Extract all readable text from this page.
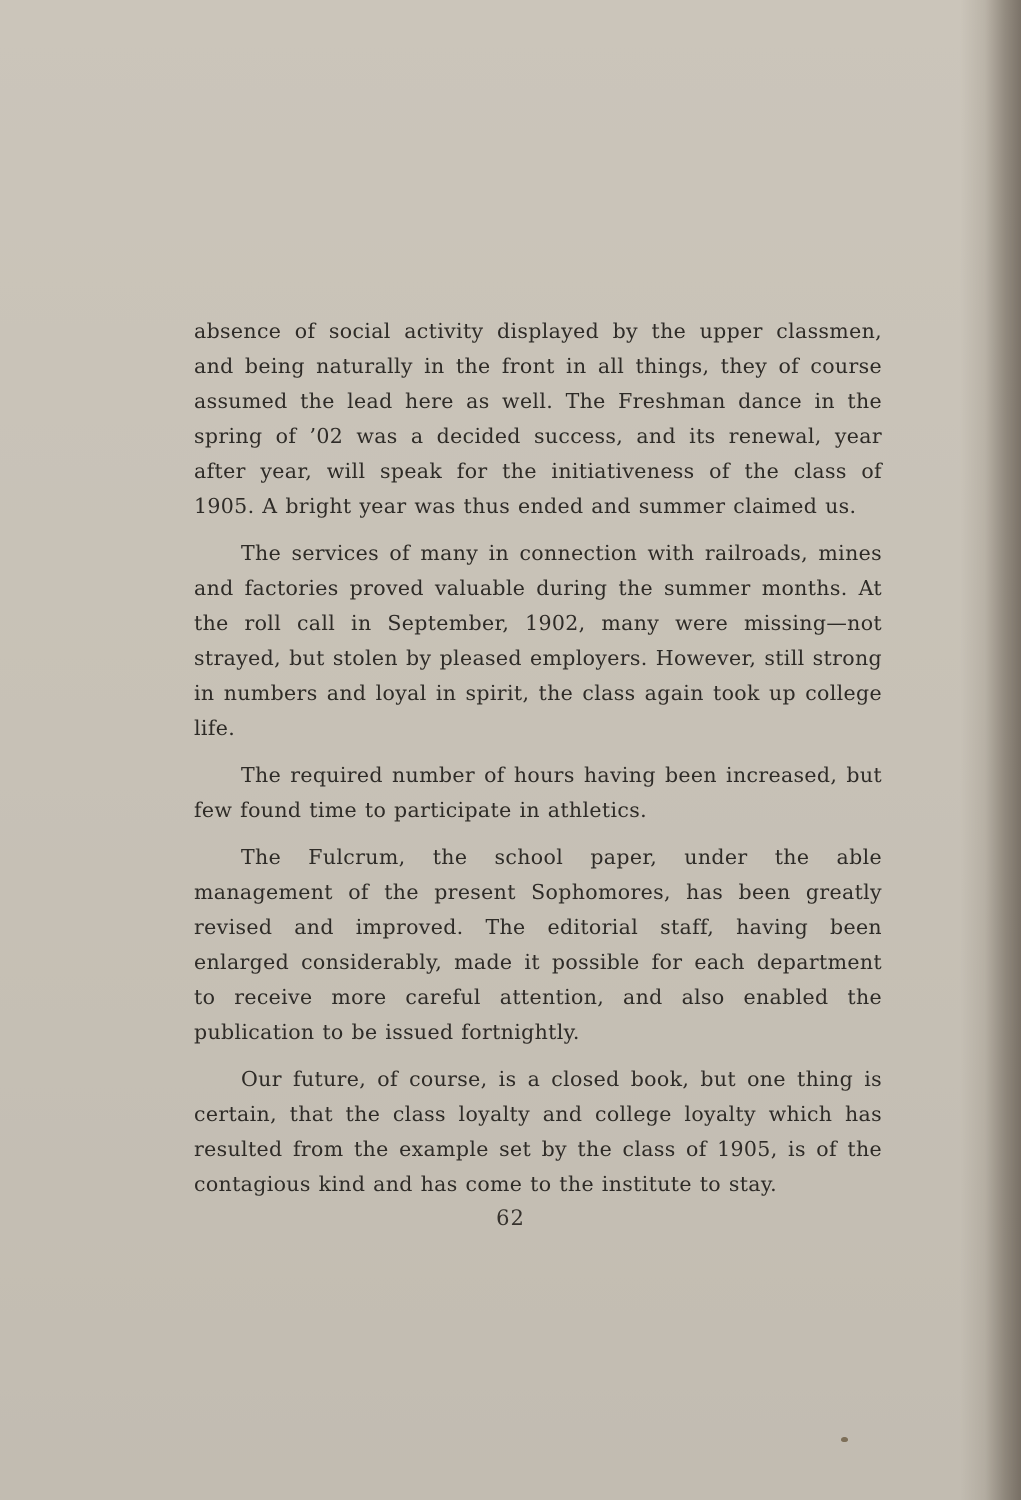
absence of social activity displayed by the upper classmen, and being naturally in the front in all things, they of course assumed the lead here as well. The Freshman dance in the spring of ’02 was a decided success, and its renewal, year after year, will speak for the initiativeness of the class of 1905. A bright year was thus ended and summer claimed us.

The services of many in connection with railroads, mines and factories proved valuable during the summer months. At the roll call in September, 1902, many were missing—not strayed, but stolen by pleased employers. However, still strong in numbers and loyal in spirit, the class again took up college life.

The required number of hours having been increased, but few found time to participate in athletics.

The Fulcrum, the school paper, under the able management of the present Sophomores, has been greatly revised and improved. The editorial staff, having been enlarged considerably, made it possible for each department to receive more careful attention, and also enabled the publication to be issued fortnightly.

Our future, of course, is a closed book, but one thing is certain, that the class loyalty and college loyalty which has resulted from the example set by the class of 1905, is of the contagious kind and has come to the institute to stay.

62
